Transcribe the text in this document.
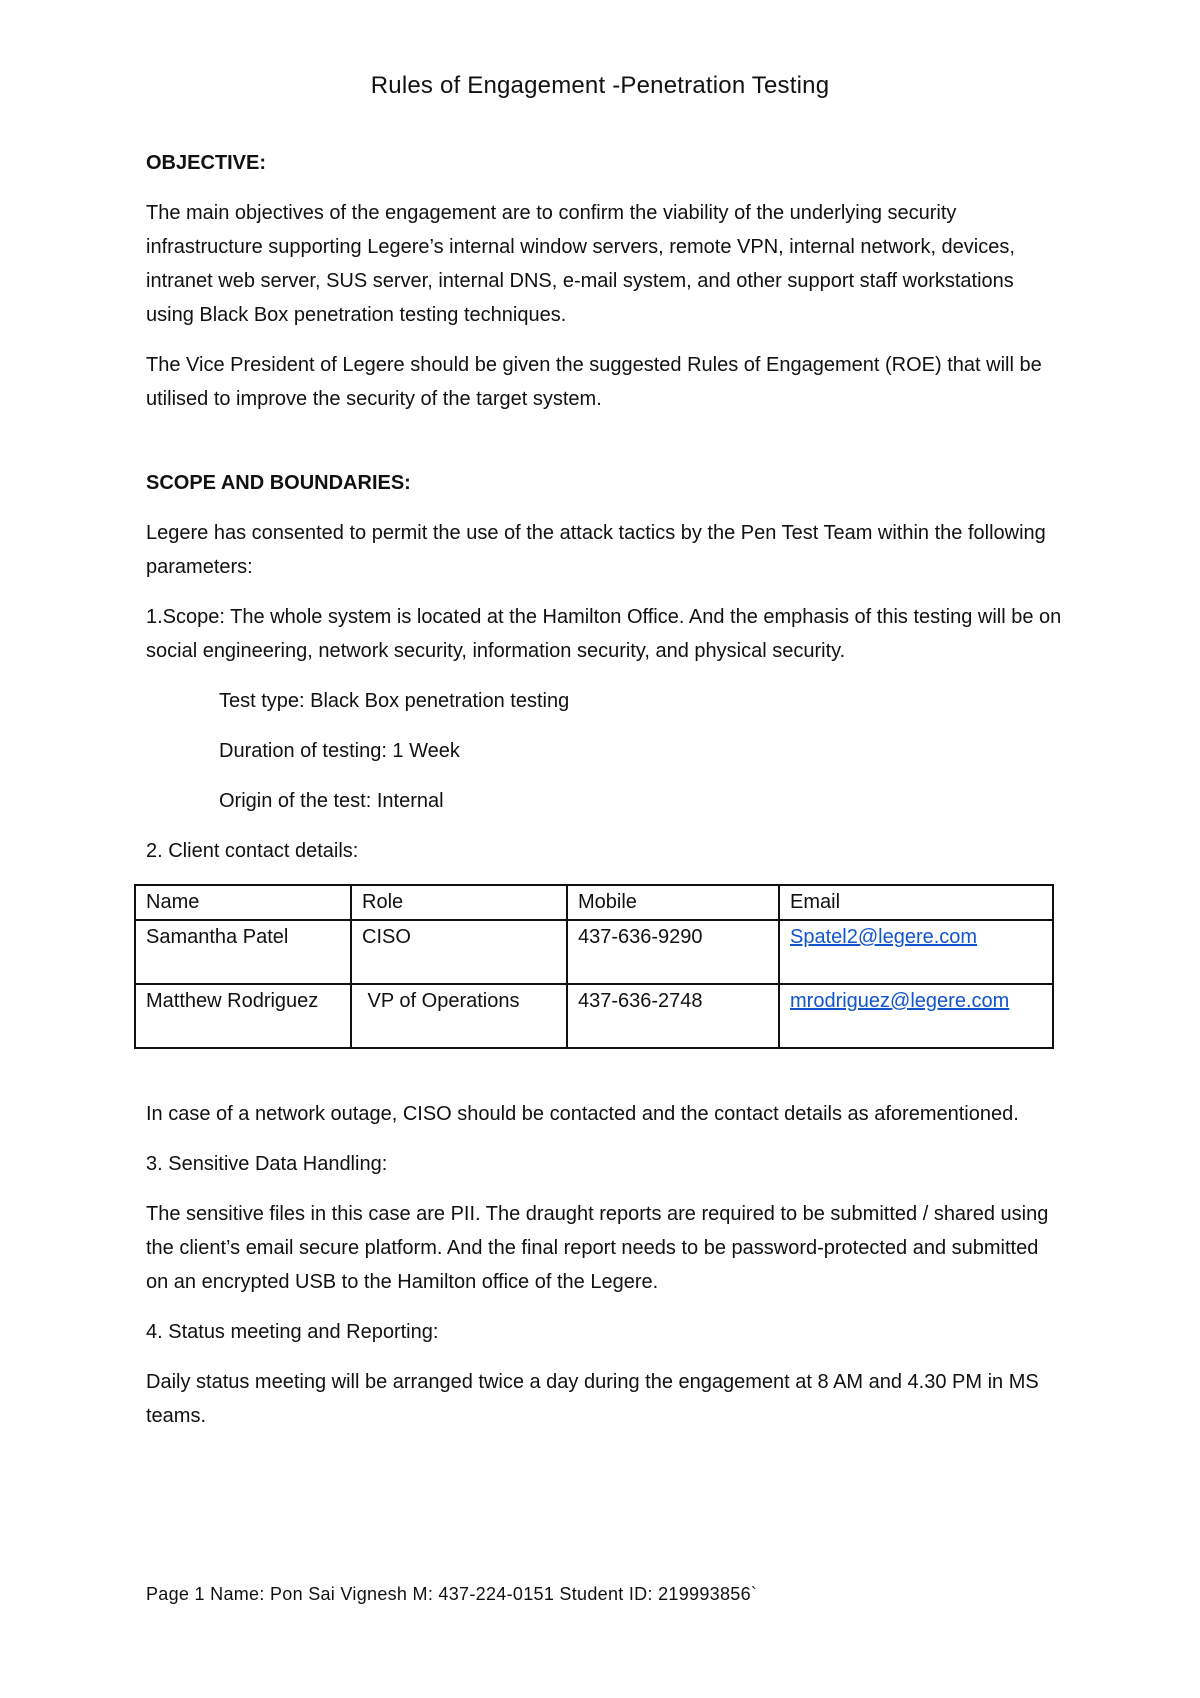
Rules of Engagement -Penetration Testing
OBJECTIVE:
The main objectives of the engagement are to confirm the viability of the underlying security infrastructure supporting Legere’s internal window servers, remote VPN, internal network, devices, intranet web server, SUS server, internal DNS, e-mail system, and other support staff workstations using Black Box penetration testing techniques.
The Vice President of Legere should be given the suggested Rules of Engagement (ROE) that will be utilised to improve the security of the target system.
SCOPE AND BOUNDARIES:
Legere has consented to permit the use of the attack tactics by the Pen Test Team within the following parameters:
1.Scope: The whole system is located at the Hamilton Office. And the emphasis of this testing will be on social engineering, network security, information security, and physical security.
Test type: Black Box penetration testing
Duration of testing: 1 Week
Origin of the test: Internal
2. Client contact details:
Name	Role	Mobile	Email
Samantha Patel	CISO	437-636-9290	Spatel2@legere.com
Matthew Rodriguez	VP of Operations	437-636-2748	mrodriguez@legere.com
In case of a network outage, CISO should be contacted and the contact details as aforementioned.
3. Sensitive Data Handling:
The sensitive files in this case are PII. The draught reports are required to be submitted / shared using the client’s email secure platform. And the final report needs to be password-protected and submitted on an encrypted USB to the Hamilton office of the Legere.
4. Status meeting and Reporting:
Daily status meeting will be arranged twice a day during the engagement at 8 AM and 4.30 PM in MS teams.
Page 1 Name: Pon Sai Vignesh M: 437-224-0151 Student ID: 219993856`
